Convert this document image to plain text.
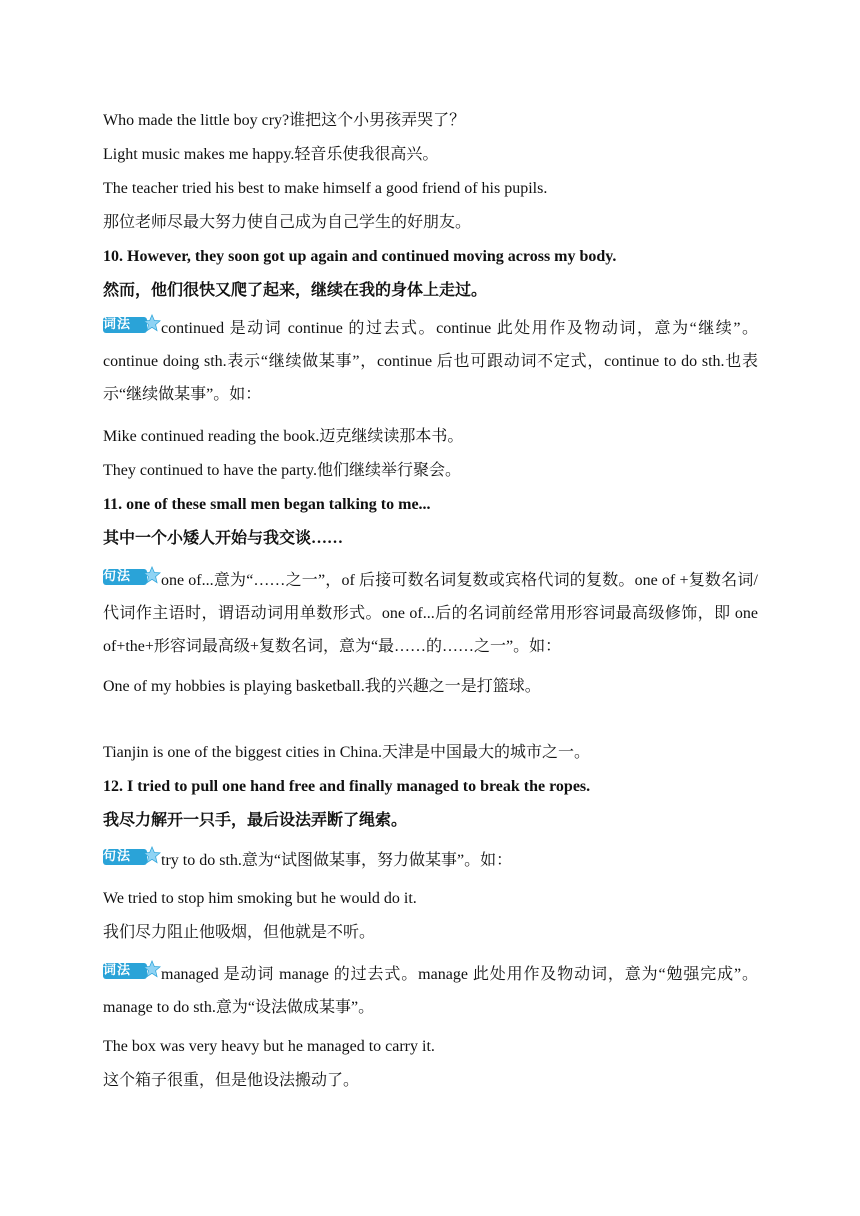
Who made the little boy cry?谁把这个小男孩弄哭了？
Light music makes me happy.轻音乐使我很高兴。
The teacher tried his best to make himself a good friend of his pupils.
那位老师尽最大努力使自己成为自己学生的好朋友。
10. However, they soon got up again and continued moving across my body.
然而，他们很快又爬了起来，继续在我的身体上走过。
词法	continued 是动词 continue 的过去式。continue 此处用作及物动词，意为“继续”。continue doing sth.表示“继续做某事”，continue 后也可跟动词不定式，continue to do sth.也表示“继续做某事”。如：
Mike continued reading the book.迈克继续读那本书。
They continued to have the party.他们继续举行聚会。
11. one of these small men began talking to me...
其中一个小矮人开始与我交谈……
句法	one of...意为“……之一”，of 后接可数名词复数或宾格代词的复数。one of +复数名词/代词作主语时，谓语动词用单数形式。one of...后的名词前经常用形容词最高级修饰，即 one of+the+形容词最高级+复数名词，意为“最……的……之一”。如：
One of my hobbies is playing basketball.我的兴趣之一是打篮球。
Tianjin is one of the biggest cities in China.天津是中国最大的城市之一。
12. I tried to pull one hand free and finally managed to break the ropes.
我尽力解开一只手，最后设法弄断了绳索。
句法	try to do sth.意为“试图做某事，努力做某事”。如：
We tried to stop him smoking but he would do it.
我们尽力阻止他吸烟，但他就是不听。
词法	managed 是动词 manage 的过去式。manage 此处用作及物动词，意为“勉强完成”。manage to do sth.意为“设法做成某事”。
The box was very heavy but he managed to carry it.
这个箱子很重，但是他设法搬动了。
